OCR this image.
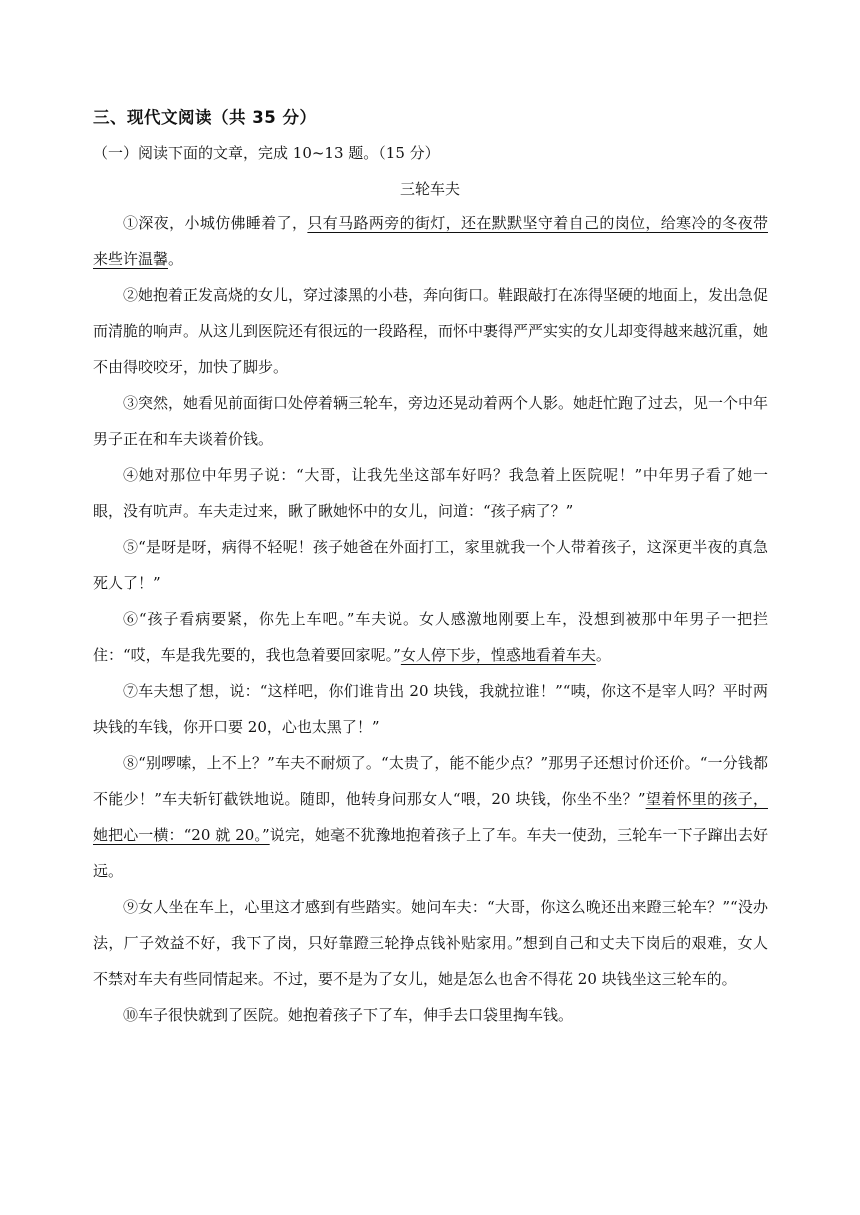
三、现代文阅读（共 35 分）
（一）阅读下面的文章，完成 10~13 题。（15 分）
三轮车夫

①深夜，小城仿佛睡着了，只有马路两旁的街灯，还在默默坚守着自己的岗位，给寒冷的冬夜带来些许温馨。

②她抱着正发高烧的女儿，穿过漆黑的小巷，奔向街口。鞋跟敲打在冻得坚硬的地面上，发出急促而清脆的响声。从这儿到医院还有很远的一段路程，而怀中裹得严严实实的女儿却变得越来越沉重，她不由得咬咬牙，加快了脚步。

③突然，她看见前面街口处停着辆三轮车，旁边还晃动着两个人影。她赶忙跑了过去，见一个中年男子正在和车夫谈着价钱。

④她对那位中年男子说：“大哥，让我先坐这部车好吗？我急着上医院呢！”中年男子看了她一眼，没有吭声。车夫走过来，瞅了瞅她怀中的女儿，问道：“孩子病了？”

⑤“是呀是呀，病得不轻呢！孩子她爸在外面打工，家里就我一个人带着孩子，这深更半夜的真急死人了！”

⑥“孩子看病要紧，你先上车吧。”车夫说。女人感激地刚要上车，没想到被那中年男子一把拦住：“哎，车是我先要的，我也急着要回家呢。”女人停下步，惶惑地看着车夫。

⑦车夫想了想，说：“这样吧，你们谁肯出 20 块钱，我就拉谁！”“咦，你这不是宰人吗？平时两块钱的车钱，你开口要 20，心也太黑了！”

⑧“别啰嗦，上不上？”车夫不耐烦了。“太贵了，能不能少点？”那男子还想讨价还价。“一分钱都不能少！”车夫斩钉截铁地说。随即，他转身问那女人“喂，20 块钱，你坐不坐？”望着怀里的孩子，她把心一横：“20 就 20。”说完，她毫不犹豫地抱着孩子上了车。车夫一使劲，三轮车一下子蹿出去好远。

⑨女人坐在车上，心里这才感到有些踏实。她问车夫：“大哥，你这么晚还出来蹬三轮车？”“没办法，厂子效益不好，我下了岗，只好靠蹬三轮挣点钱补贴家用。”想到自己和丈夫下岗后的艰难，女人不禁对车夫有些同情起来。不过，要不是为了女儿，她是怎么也舍不得花 20 块钱坐这三轮车的。

⑩车子很快就到了医院。她抱着孩子下了车，伸手去口袋里掏车钱。
